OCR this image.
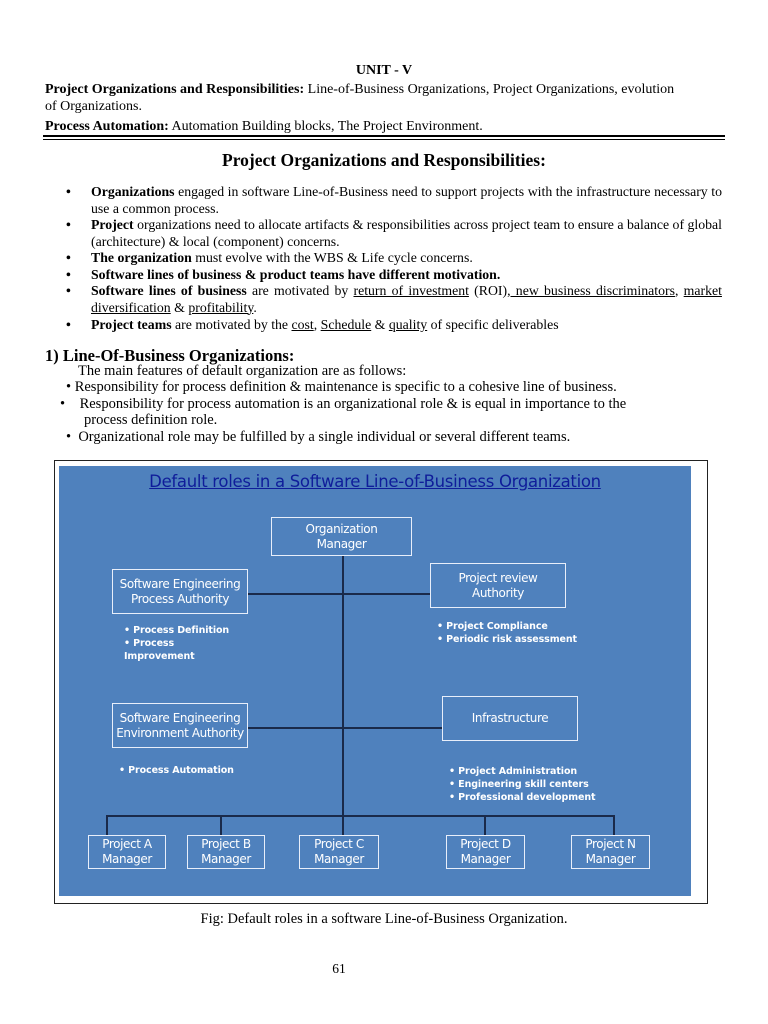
UNIT - V
Project Organizations and Responsibilities: Line-of-Business Organizations, Project Organizations, evolution
of Organizations.
Process Automation: Automation Building blocks, The Project Environment.
Project Organizations and Responsibilities:
• Organizations engaged in software Line-of-Business need to support projects with the infrastructure necessary to use a common process.
• Project organizations need to allocate artifacts & responsibilities across project team to ensure a balance of global (architecture) & local (component) concerns.
• The organization must evolve with the WBS & Life cycle concerns.
• Software lines of business & product teams have different motivation.
• Software lines of business are motivated by return of investment (ROI), new business discriminators, market diversification & profitability.
• Project teams are motivated by the cost, Schedule & quality of specific deliverables
1) Line-Of-Business Organizations:
The main features of default organization are as follows:
• Responsibility for process definition & maintenance is specific to a cohesive line of business.
•    Responsibility for process automation is an organizational role & is equal in importance to the
process definition role.
•  Organizational role may be fulfilled by a single individual or several different teams.
Default roles in a Software Line-of-Business Organization
Organization
Manager
Software Engineering
Process Authority
Project review
Authority
Software Engineering
Environment Authority
Infrastructure
• Process Definition
• Process
Improvement
• Project Compliance
• Periodic risk assessment
• Process Automation	• Project Administration
• Engineering skill centers
• Professional development
Project A
Manager
Project B
Manager
Project C
Manager
Project D
Manager
Project N
Manager
Fig: Default roles in a software Line-of-Business Organization.
61
